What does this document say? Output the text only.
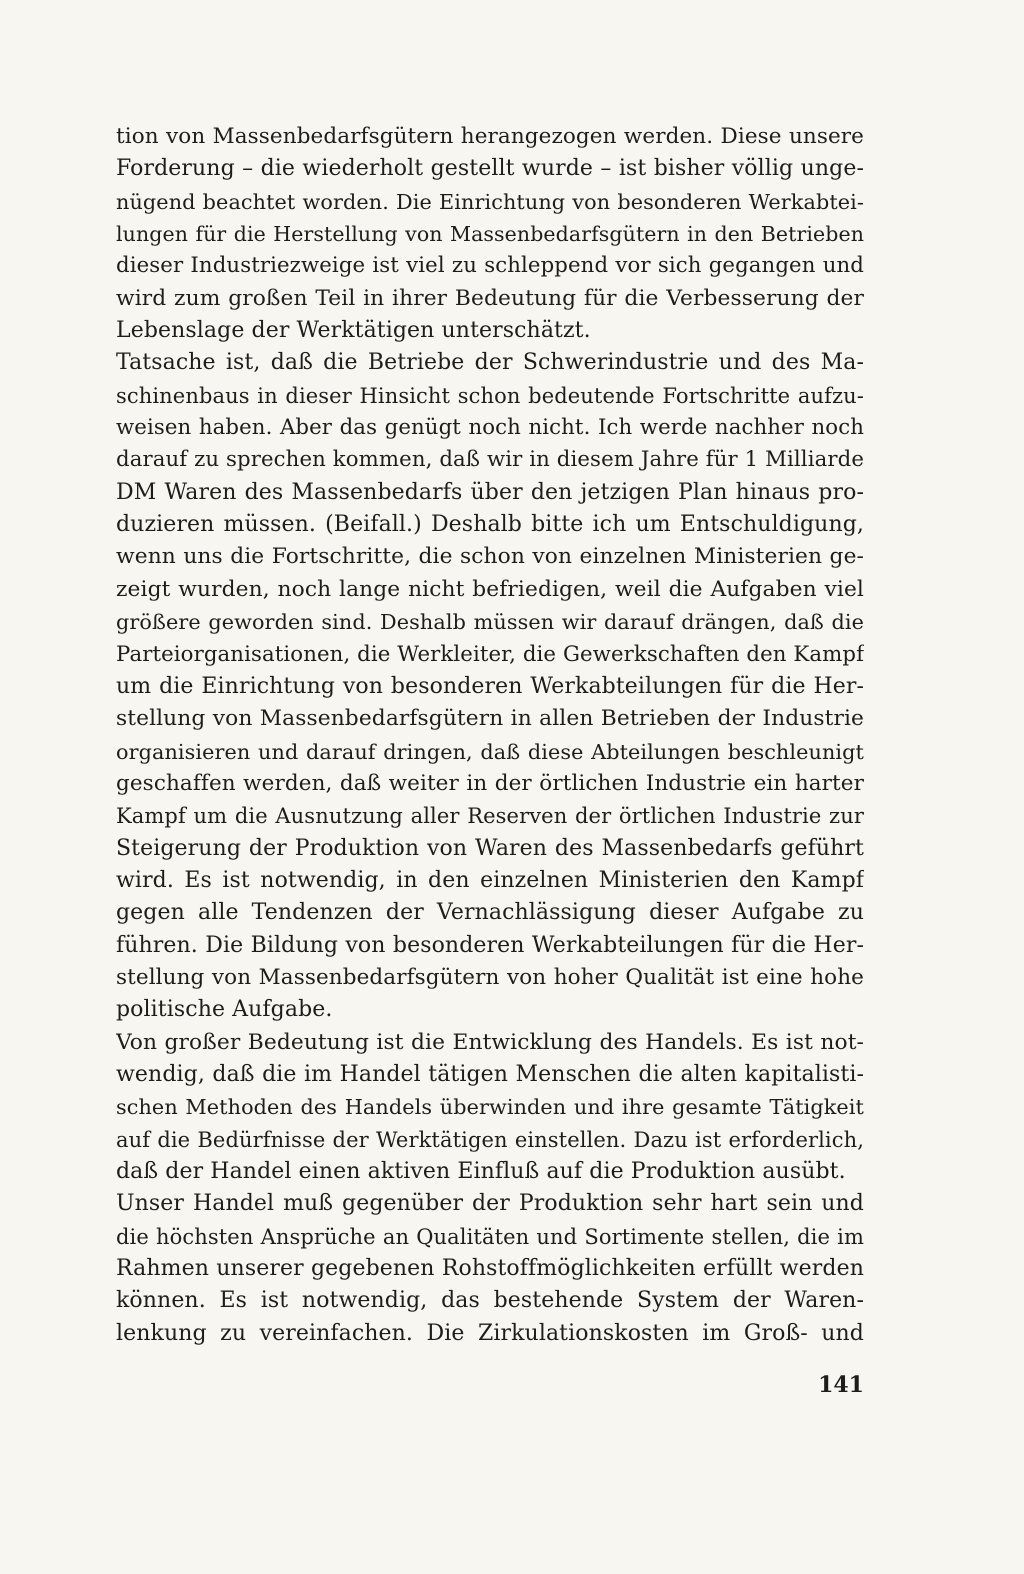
tion von Massenbedarfsgütern herangezogen werden. Diese unsere
Forderung – die wiederholt gestellt wurde – ist bisher völlig unge-
nügend beachtet worden. Die Einrichtung von besonderen Werkabtei-
lungen für die Herstellung von Massenbedarfsgütern in den Betrieben
dieser Industriezweige ist viel zu schleppend vor sich gegangen und
wird zum großen Teil in ihrer Bedeutung für die Verbesserung der
Lebenslage der Werktätigen unterschätzt.
Tatsache ist, daß die Betriebe der Schwerindustrie und des Ma-
schinenbaus in dieser Hinsicht schon bedeutende Fortschritte aufzu-
weisen haben. Aber das genügt noch nicht. Ich werde nachher noch
darauf zu sprechen kommen, daß wir in diesem Jahre für 1 Milliarde
DM Waren des Massenbedarfs über den jetzigen Plan hinaus pro-
duzieren müssen. (Beifall.) Deshalb bitte ich um Entschuldigung,
wenn uns die Fortschritte, die schon von einzelnen Ministerien ge-
zeigt wurden, noch lange nicht befriedigen, weil die Aufgaben viel
größere geworden sind. Deshalb müssen wir darauf drängen, daß die
Parteiorganisationen, die Werkleiter, die Gewerkschaften den Kampf
um die Einrichtung von besonderen Werkabteilungen für die Her-
stellung von Massenbedarfsgütern in allen Betrieben der Industrie
organisieren und darauf dringen, daß diese Abteilungen beschleunigt
geschaffen werden, daß weiter in der örtlichen Industrie ein harter
Kampf um die Ausnutzung aller Reserven der örtlichen Industrie zur
Steigerung der Produktion von Waren des Massenbedarfs geführt
wird. Es ist notwendig, in den einzelnen Ministerien den Kampf
gegen alle Tendenzen der Vernachlässigung dieser Aufgabe zu
führen. Die Bildung von besonderen Werkabteilungen für die Her-
stellung von Massenbedarfsgütern von hoher Qualität ist eine hohe
politische Aufgabe.
Von großer Bedeutung ist die Entwicklung des Handels. Es ist not-
wendig, daß die im Handel tätigen Menschen die alten kapitalisti-
schen Methoden des Handels überwinden und ihre gesamte Tätigkeit
auf die Bedürfnisse der Werktätigen einstellen. Dazu ist erforderlich,
daß der Handel einen aktiven Einfluß auf die Produktion ausübt.
Unser Handel muß gegenüber der Produktion sehr hart sein und
die höchsten Ansprüche an Qualitäten und Sortimente stellen, die im
Rahmen unserer gegebenen Rohstoffmöglichkeiten erfüllt werden
können. Es ist notwendig, das bestehende System der Waren-
lenkung zu vereinfachen. Die Zirkulationskosten im Groß- und
141
